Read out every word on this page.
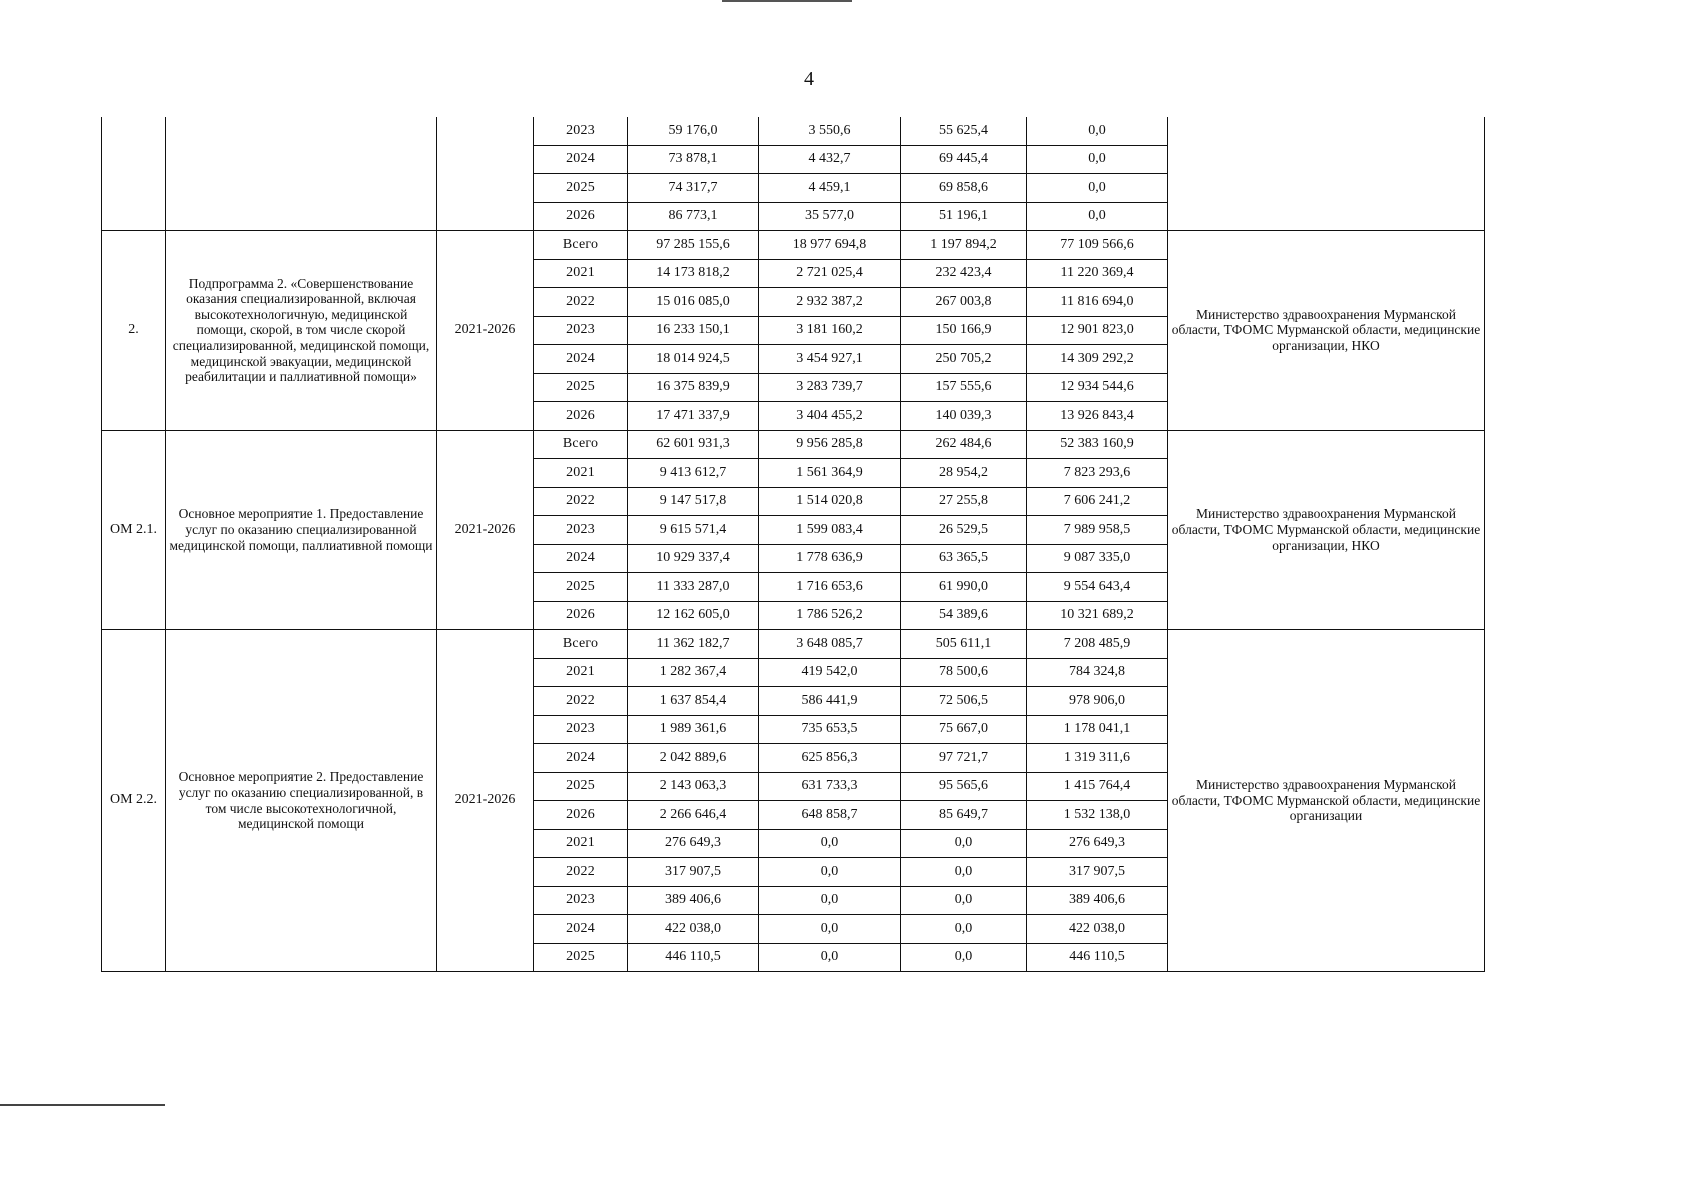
4
			2023	59 176,0	3 550,6	55 625,4	0,0	
			2024	73 878,1	4 432,7	69 445,4	0,0	
			2025	74 317,7	4 459,1	69 858,6	0,0	
			2026	86 773,1	35 577,0	51 196,1	0,0	
2.	Подпрограмма 2. «Совершенствование оказания специализированной, включая высокотехнологичную, медицинской помощи, скорой, в том числе скорой специализированной, медицинской помощи, медицинской эвакуации, медицинской реабилитации и паллиативной помощи»	2021-2026	Всего	97 285 155,6	18 977 694,8	1 197 894,2	77 109 566,6	Министерство здравоохранения Мурманской области, ТФОМС Мурманской области, медицинские организации, НКО
			2021	14 173 818,2	2 721 025,4	232 423,4	11 220 369,4	
			2022	15 016 085,0	2 932 387,2	267 003,8	11 816 694,0	
			2023	16 233 150,1	3 181 160,2	150 166,9	12 901 823,0	
			2024	18 014 924,5	3 454 927,1	250 705,2	14 309 292,2	
			2025	16 375 839,9	3 283 739,7	157 555,6	12 934 544,6	
			2026	17 471 337,9	3 404 455,2	140 039,3	13 926 843,4	
ОМ 2.1.	Основное мероприятие 1. Предоставление услуг по оказанию специализированной медицинской помощи, паллиативной помощи	2021-2026	Всего	62 601 931,3	9 956 285,8	262 484,6	52 383 160,9	Министерство здравоохранения Мурманской области, ТФОМС Мурманской области, медицинские организации, НКО
			2021	9 413 612,7	1 561 364,9	28 954,2	7 823 293,6	
			2022	9 147 517,8	1 514 020,8	27 255,8	7 606 241,2	
			2023	9 615 571,4	1 599 083,4	26 529,5	7 989 958,5	
			2024	10 929 337,4	1 778 636,9	63 365,5	9 087 335,0	
			2025	11 333 287,0	1 716 653,6	61 990,0	9 554 643,4	
			2026	12 162 605,0	1 786 526,2	54 389,6	10 321 689,2	
ОМ 2.2.	Основное мероприятие 2. Предоставление услуг по оказанию специализированной, в том числе высокотехнологичной, медицинской помощи	2021-2026	Всего	11 362 182,7	3 648 085,7	505 611,1	7 208 485,9	Министерство здравоохранения Мурманской области, ТФОМС Мурманской области, медицинские организации
			2021	1 282 367,4	419 542,0	78 500,6	784 324,8	
			2022	1 637 854,4	586 441,9	72 506,5	978 906,0	
			2023	1 989 361,6	735 653,5	75 667,0	1 178 041,1	
			2024	2 042 889,6	625 856,3	97 721,7	1 319 311,6	
			2025	2 143 063,3	631 733,3	95 565,6	1 415 764,4	
			2026	2 266 646,4	648 858,7	85 649,7	1 532 138,0	
			2021	276 649,3	0,0	0,0	276 649,3	
			2022	317 907,5	0,0	0,0	317 907,5	
			2023	389 406,6	0,0	0,0	389 406,6	
			2024	422 038,0	0,0	0,0	422 038,0	
			2025	446 110,5	0,0	0,0	446 110,5	
